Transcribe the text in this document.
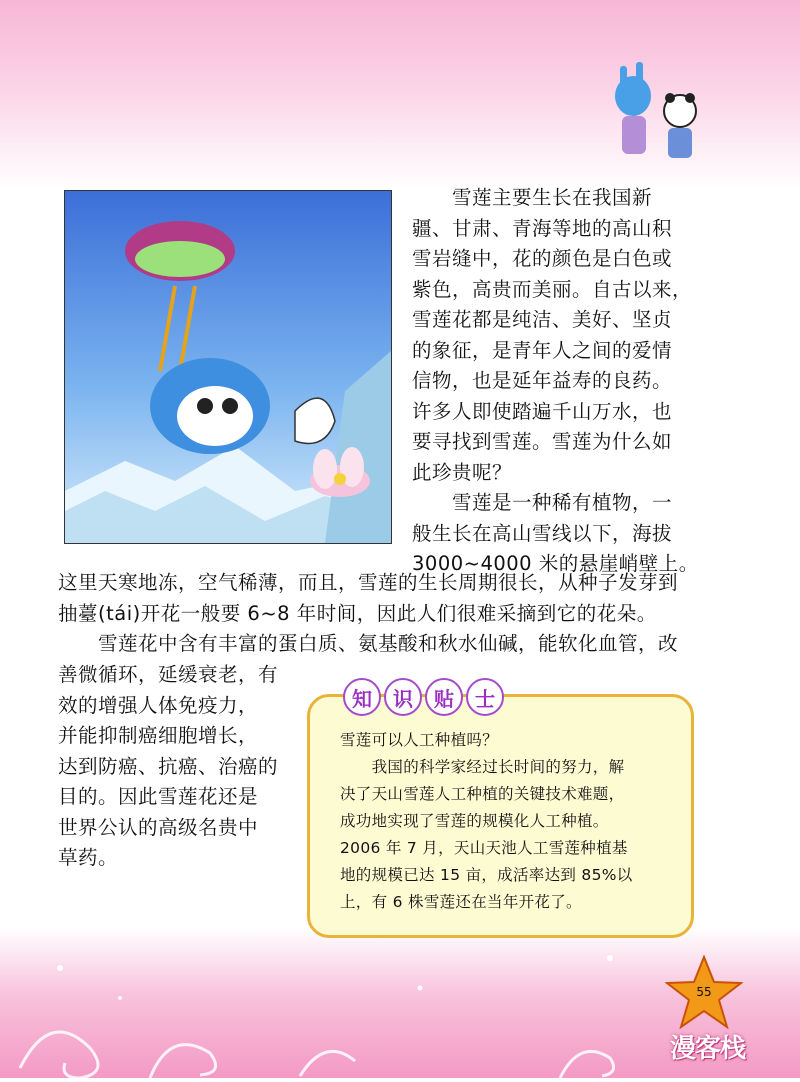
　　雪莲主要生长在我国新
疆、甘肃、青海等地的高山积
雪岩缝中，花的颜色是白色或
紫色，高贵而美丽。自古以来，
雪莲花都是纯洁、美好、坚贞
的象征，是青年人之间的爱情
信物，也是延年益寿的良药。
许多人即使踏遍千山万水，也
要寻找到雪莲。雪莲为什么如
此珍贵呢？
　　雪莲是一种稀有植物，一
般生长在高山雪线以下，海拔
3000~4000 米的悬崖峭壁上。
这里天寒地冻，空气稀薄，而且，雪莲的生长周期很长，从种子发芽到
抽薹(tái)开花一般要 6~8 年时间，因此人们很难采摘到它的花朵。
　　雪莲花中含有丰富的蛋白质、氨基酸和秋水仙碱，能软化血管，改
善微循环，延缓衰老，有
效的增强人体免疫力，
并能抑制癌细胞增长，
达到防癌、抗癌、治癌的
目的。因此雪莲花还是
世界公认的高级名贵中
草药。
知	识	贴	士
雪莲可以人工种植吗？
　　我国的科学家经过长时间的努力，解
决了天山雪莲人工种植的关键技术难题，
成功地实现了雪莲的规模化人工种植。
2006 年 7 月，天山天池人工雪莲种植基
地的规模已达 15 亩，成活率达到 85%以
上，有 6 株雪莲还在当年开花了。
55
漫客栈
